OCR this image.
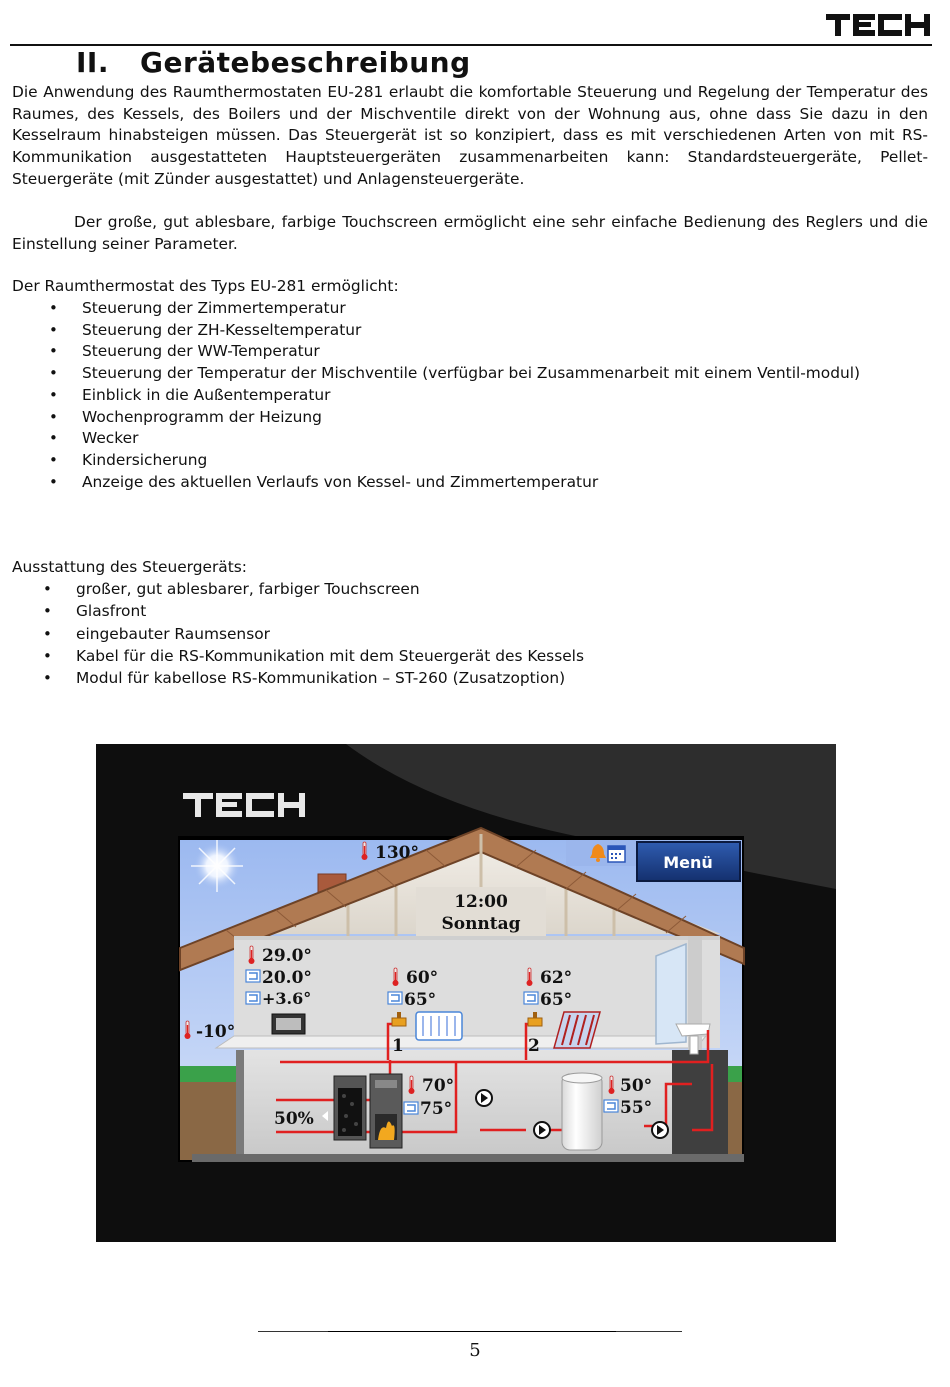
II. Gerätebeschreibung
Die Anwendung des Raumthermostaten EU-281 erlaubt die komfortable Steuerung und Regelung der Temperatur des Raumes, des Kessels, des Boilers und der Mischventile direkt von der Wohnung aus, ohne dass Sie dazu in den Kesselraum hinabsteigen müssen. Das Steuergerät ist so konzipiert, dass es mit verschiedenen Arten von mit RS-Kommunikation ausgestatteten Hauptsteuergeräten zusammenarbeiten kann: Standardsteuergeräte, Pellet-Steuergeräte (mit Zünder ausgestattet) und Anlagensteuergeräte.
Der große, gut ablesbare, farbige Touchscreen ermöglicht eine sehr einfache Bedienung des Reglers und die Einstellung seiner Parameter.
Der Raumthermostat des Typs EU-281 ermöglicht:
• Steuerung der Zimmertemperatur
• Steuerung der ZH-Kesseltemperatur
• Steuerung der WW-Temperatur
• Steuerung der Temperatur der Mischventile (verfügbar bei Zusammenarbeit mit einem Ventil-modul)
• Einblick in die Außentemperatur
• Wochenprogramm der Heizung
• Wecker
• Kindersicherung
• Anzeige des aktuellen Verlaufs von Kessel- und Zimmertemperatur
Ausstattung des Steuergeräts:
• großer, gut ablesbarer, farbiger Touchscreen
• Glasfront
• eingebauter Raumsensor
• Kabel für die RS-Kommunikation mit dem Steuergerät des Kessels
• Modul für kabellose RS-Kommunikation – ST-260 (Zusatzoption)
12:00
Sonntag
130°	Menü
29.0°
20.0°
+3.6°
-10°
60°
65°
1
62°
65°
2
50%
70°
75°
50°
55°
5
